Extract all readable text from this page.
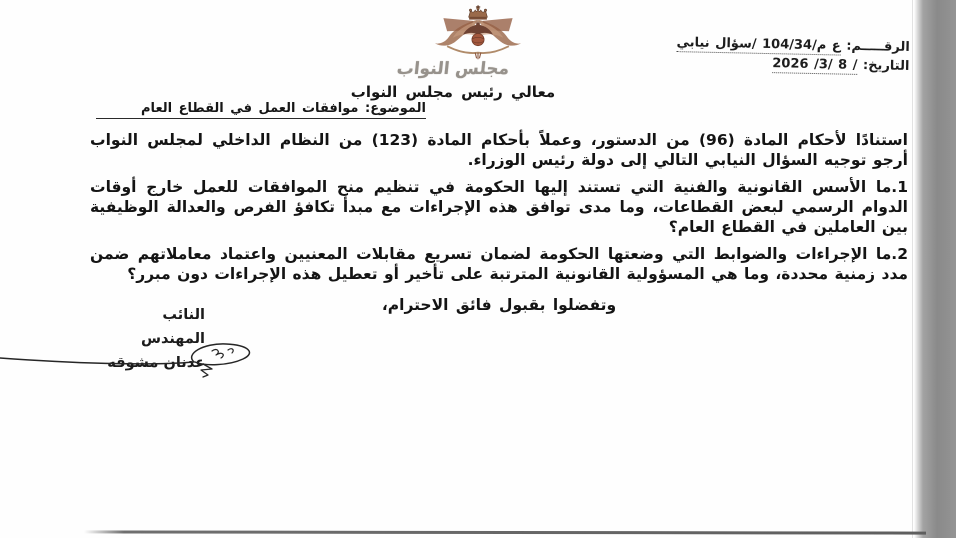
مجلس النواب
معالي رئيس مجلس النواب
الموضوع: موافقات العمل في القطاع العام
الرقـــــم: ع م/104/34 /سؤال نيابي
التاريخ: / 8 /3/ 2026

استنادًا لأحكام المادة (96) من الدستور، وعملاً بأحكام المادة (123) من النظام الداخلي لمجلس النواب أرجو توجيه السؤال النيابي التالي إلى دولة رئيس الوزراء.

1.ما الأسس القانونية والفنية التي تستند إليها الحكومة في تنظيم منح الموافقات للعمل خارج أوقات الدوام الرسمي لبعض القطاعات، وما مدى توافق هذه الإجراءات مع مبدأ تكافؤ الفرص والعدالة الوظيفية بين العاملين في القطاع العام؟

2.ما الإجراءات والضوابط التي وضعتها الحكومة لضمان تسريع مقابلات المعنيين واعتماد معاملاتهم ضمن مدد زمنية محددة، وما هي المسؤولية القانونية المترتبة على تأخير أو تعطيل هذه الإجراءات دون مبرر؟

وتفضلوا بقبول فائق الاحترام،

النائب المهندس
عدنان مشوقه
